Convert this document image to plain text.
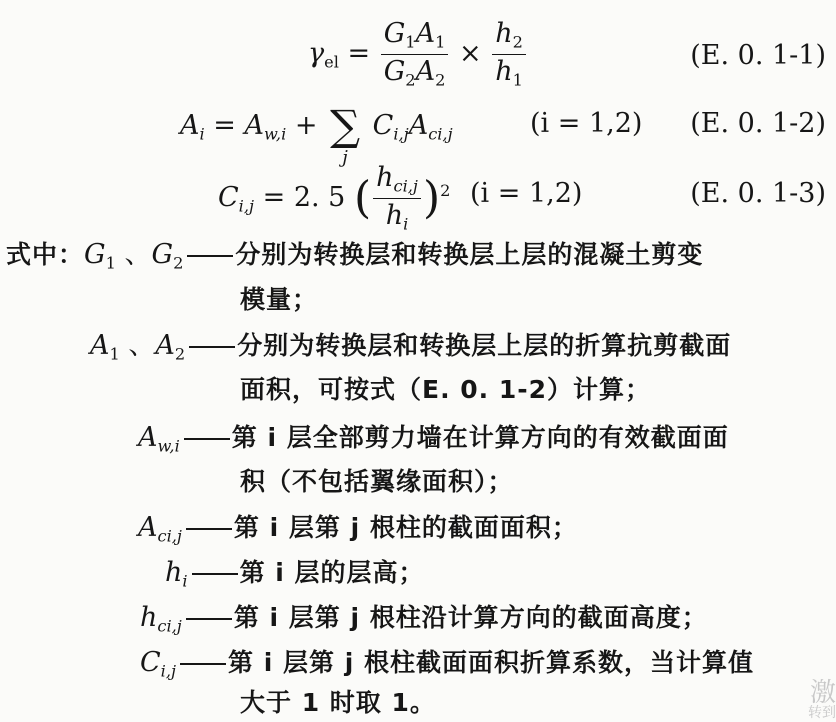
$\gamma_{el} = \frac{G_1A_1}{G_2A_2} \times \frac{h_2}{h_1}$	(E. 0. 1-1)
$A_i = A_{w,i}$ + ∑
j
$C_{i,j}A_{ci,j}$	(i = 1,2) (E. 0. 1-2)
$C_{i,j} = 2$. 5 ( $\frac{h_{ci,j}}{h_i} )^2$ (i = 1,2)	(E. 0. 1-3)
式中：$G_1$ 、$G_2$ 分别为转换层和转换层上层的混凝土剪变
模量；
$A_1$ 、$A_2$ 分别为转换层和转换层上层的折算抗剪截面
面积，可按式（E. 0. 1-2）计算；
$A_{w,i}$ 第 i 层全部剪力墙在计算方向的有效截面面
积（不包括翼缘面积）；
$A_{ci,j}$ 第 i 层第 j 根柱的截面面积；
$h_i$ 第 i 层的层高；
$h_{ci,j}$ 第 i 层第 j 根柱沿计算方向的截面高度；
$C_{i,j}$ 第 i 层第 j 根柱截面面积折算系数，当计算值
大于 1 时取 1。	激
转到
